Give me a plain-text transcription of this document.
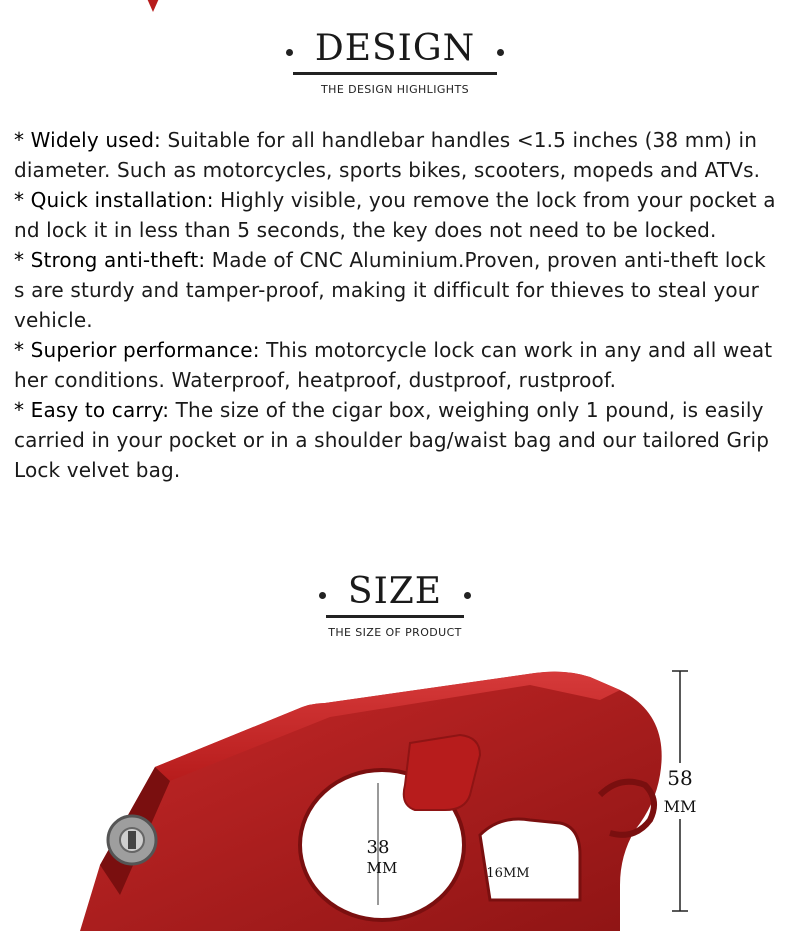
DESIGN
THE DESIGN HIGHLIGHTS

* Widely used: Suitable for all handlebar handles <1.5 inches (38 mm) in diameter. Such as motorcycles, sports bikes, scooters, mopeds and ATVs.

* Quick installation: Highly visible, you remove the lock from your pocket and lock it in less than 5 seconds, the key does not need to be locked.

* Strong anti-theft: Made of CNC Aluminium.Proven, proven anti-theft locks are sturdy and tamper-proof, making it difficult for thieves to steal your vehicle.

* Superior performance: This motorcycle lock can work in any and all weather conditions. Waterproof, heatproof, dustproof, rustproof.

* Easy to carry: The size of the cigar box, weighing only 1 pound, is easily carried in your pocket or in a shoulder bag/waist bag and our tailored Grip Lock velvet bag.

SIZE
THE SIZE OF PRODUCT
58
MM
38
MM	16MM
